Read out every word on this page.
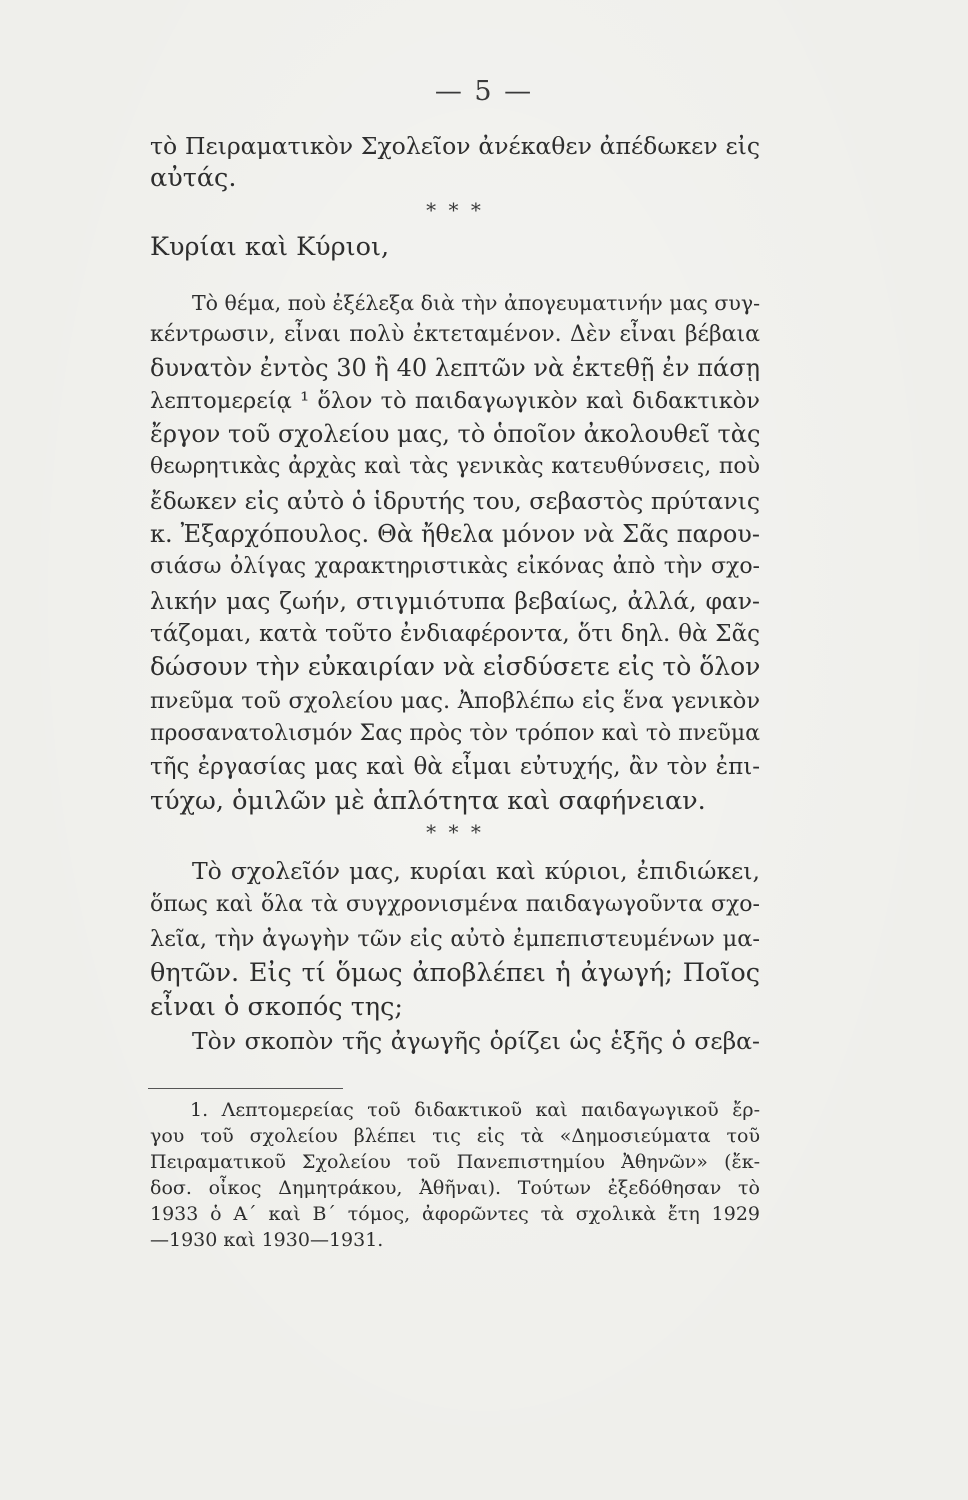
— 5 —
τὸ Πειραματικὸν Σχολεῖον ἀνέκαθεν ἀπέδωκεν εἰς
αὐτάς.
* * *
Κυρίαι καὶ Κύριοι,
Τὸ θέμα, ποὺ ἐξέλεξα διὰ τὴν ἀπογευματινήν μας συγ-
κέντρωσιν, εἶναι πολὺ ἐκτεταμένον. Δὲν εἶναι βέβαια
δυνατὸν ἐντὸς 30 ἢ 40 λεπτῶν νὰ ἐκτεθῇ ἐν πάσῃ
λεπτομερείᾳ ¹ ὅλον τὸ παιδαγωγικὸν καὶ διδακτικὸν
ἔργον τοῦ σχολείου μας, τὸ ὁποῖον ἀκολουθεῖ τὰς
θεωρητικὰς ἀρχὰς καὶ τὰς γενικὰς κατευθύνσεις, ποὺ
ἔδωκεν εἰς αὐτὸ ὁ ἱδρυτής του, σεβαστὸς πρύτανις
κ. Ἐξαρχόπουλος. Θὰ ἤθελα μόνον νὰ Σᾶς παρου-
σιάσω ὀλίγας χαρακτηριστικὰς εἰκόνας ἀπὸ τὴν σχο-
λικήν μας ζωήν, στιγμιότυπα βεβαίως, ἀλλά, φαν-
τάζομαι, κατὰ τοῦτο ἐνδιαφέροντα, ὅτι δηλ. θὰ Σᾶς
δώσουν τὴν εὐκαιρίαν νὰ εἰσδύσετε εἰς τὸ ὅλον
πνεῦμα τοῦ σχολείου μας. Ἀποβλέπω εἰς ἕνα γενικὸν
προσανατολισμόν Σας πρὸς τὸν τρόπον καὶ τὸ πνεῦμα
τῆς ἐργασίας μας καὶ θὰ εἶμαι εὐτυχής, ἂν τὸν ἐπι-
τύχω, ὁμιλῶν μὲ ἁπλότητα καὶ σαφήνειαν.
* * *
Τὸ σχολεῖόν μας, κυρίαι καὶ κύριοι, ἐπιδιώκει,
ὅπως καὶ ὅλα τὰ συγχρονισμένα παιδαγωγοῦντα σχο-
λεῖα, τὴν ἀγωγὴν τῶν εἰς αὐτὸ ἐμπεπιστευμένων μα-
θητῶν. Εἰς τί ὅμως ἀποβλέπει ἡ ἀγωγή; Ποῖος
εἶναι ὁ σκοπός της;
Τὸν σκοπὸν τῆς ἀγωγῆς ὁρίζει ὡς ἑξῆς ὁ σεβα-
1. Λεπτομερείας τοῦ διδακτικοῦ καὶ παιδαγωγικοῦ ἔρ-
γου τοῦ σχολείου βλέπει τις εἰς τὰ «Δημοσιεύματα τοῦ
Πειραματικοῦ Σχολείου τοῦ Πανεπιστημίου Ἀθηνῶν» (ἔκ-
δοσ. οἶκος Δημητράκου, Ἀθῆναι). Τούτων ἐξεδόθησαν τὸ
1933 ὁ Α΄ καὶ Β΄ τόμος, ἀφορῶντες τὰ σχολικὰ ἔτη 1929
—1930 καὶ 1930—1931.
